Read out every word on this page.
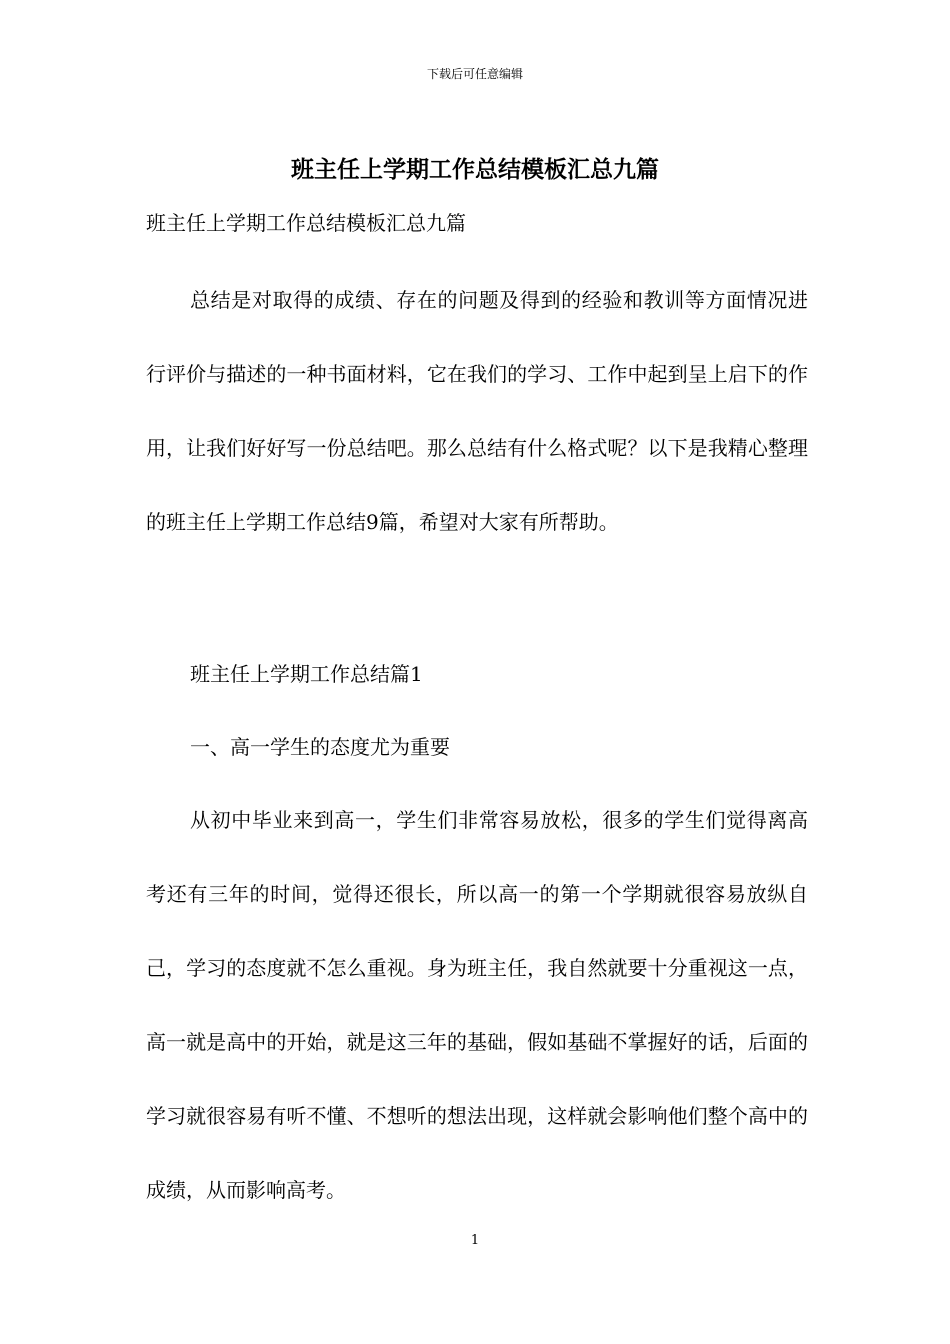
下载后可任意编辑
班主任上学期工作总结模板汇总九篇
班主任上学期工作总结模板汇总九篇
总结是对取得的成绩、存在的问题及得到的经验和教训等方面情况进行评价与描述的一种书面材料，它在我们的学习、工作中起到呈上启下的作用，让我们好好写一份总结吧。那么总结有什么格式呢？以下是我精心整理的班主任上学期工作总结9篇，希望对大家有所帮助。
班主任上学期工作总结篇1
一、高一学生的态度尤为重要
从初中毕业来到高一，学生们非常容易放松，很多的学生们觉得离高考还有三年的时间，觉得还很长，所以高一的第一个学期就很容易放纵自己，学习的态度就不怎么重视。身为班主任，我自然就要十分重视这一点，高一就是高中的开始，就是这三年的基础，假如基础不掌握好的话，后面的学习就很容易有听不懂、不想听的想法出现，这样就会影响他们整个高中的成绩，从而影响高考。
1
